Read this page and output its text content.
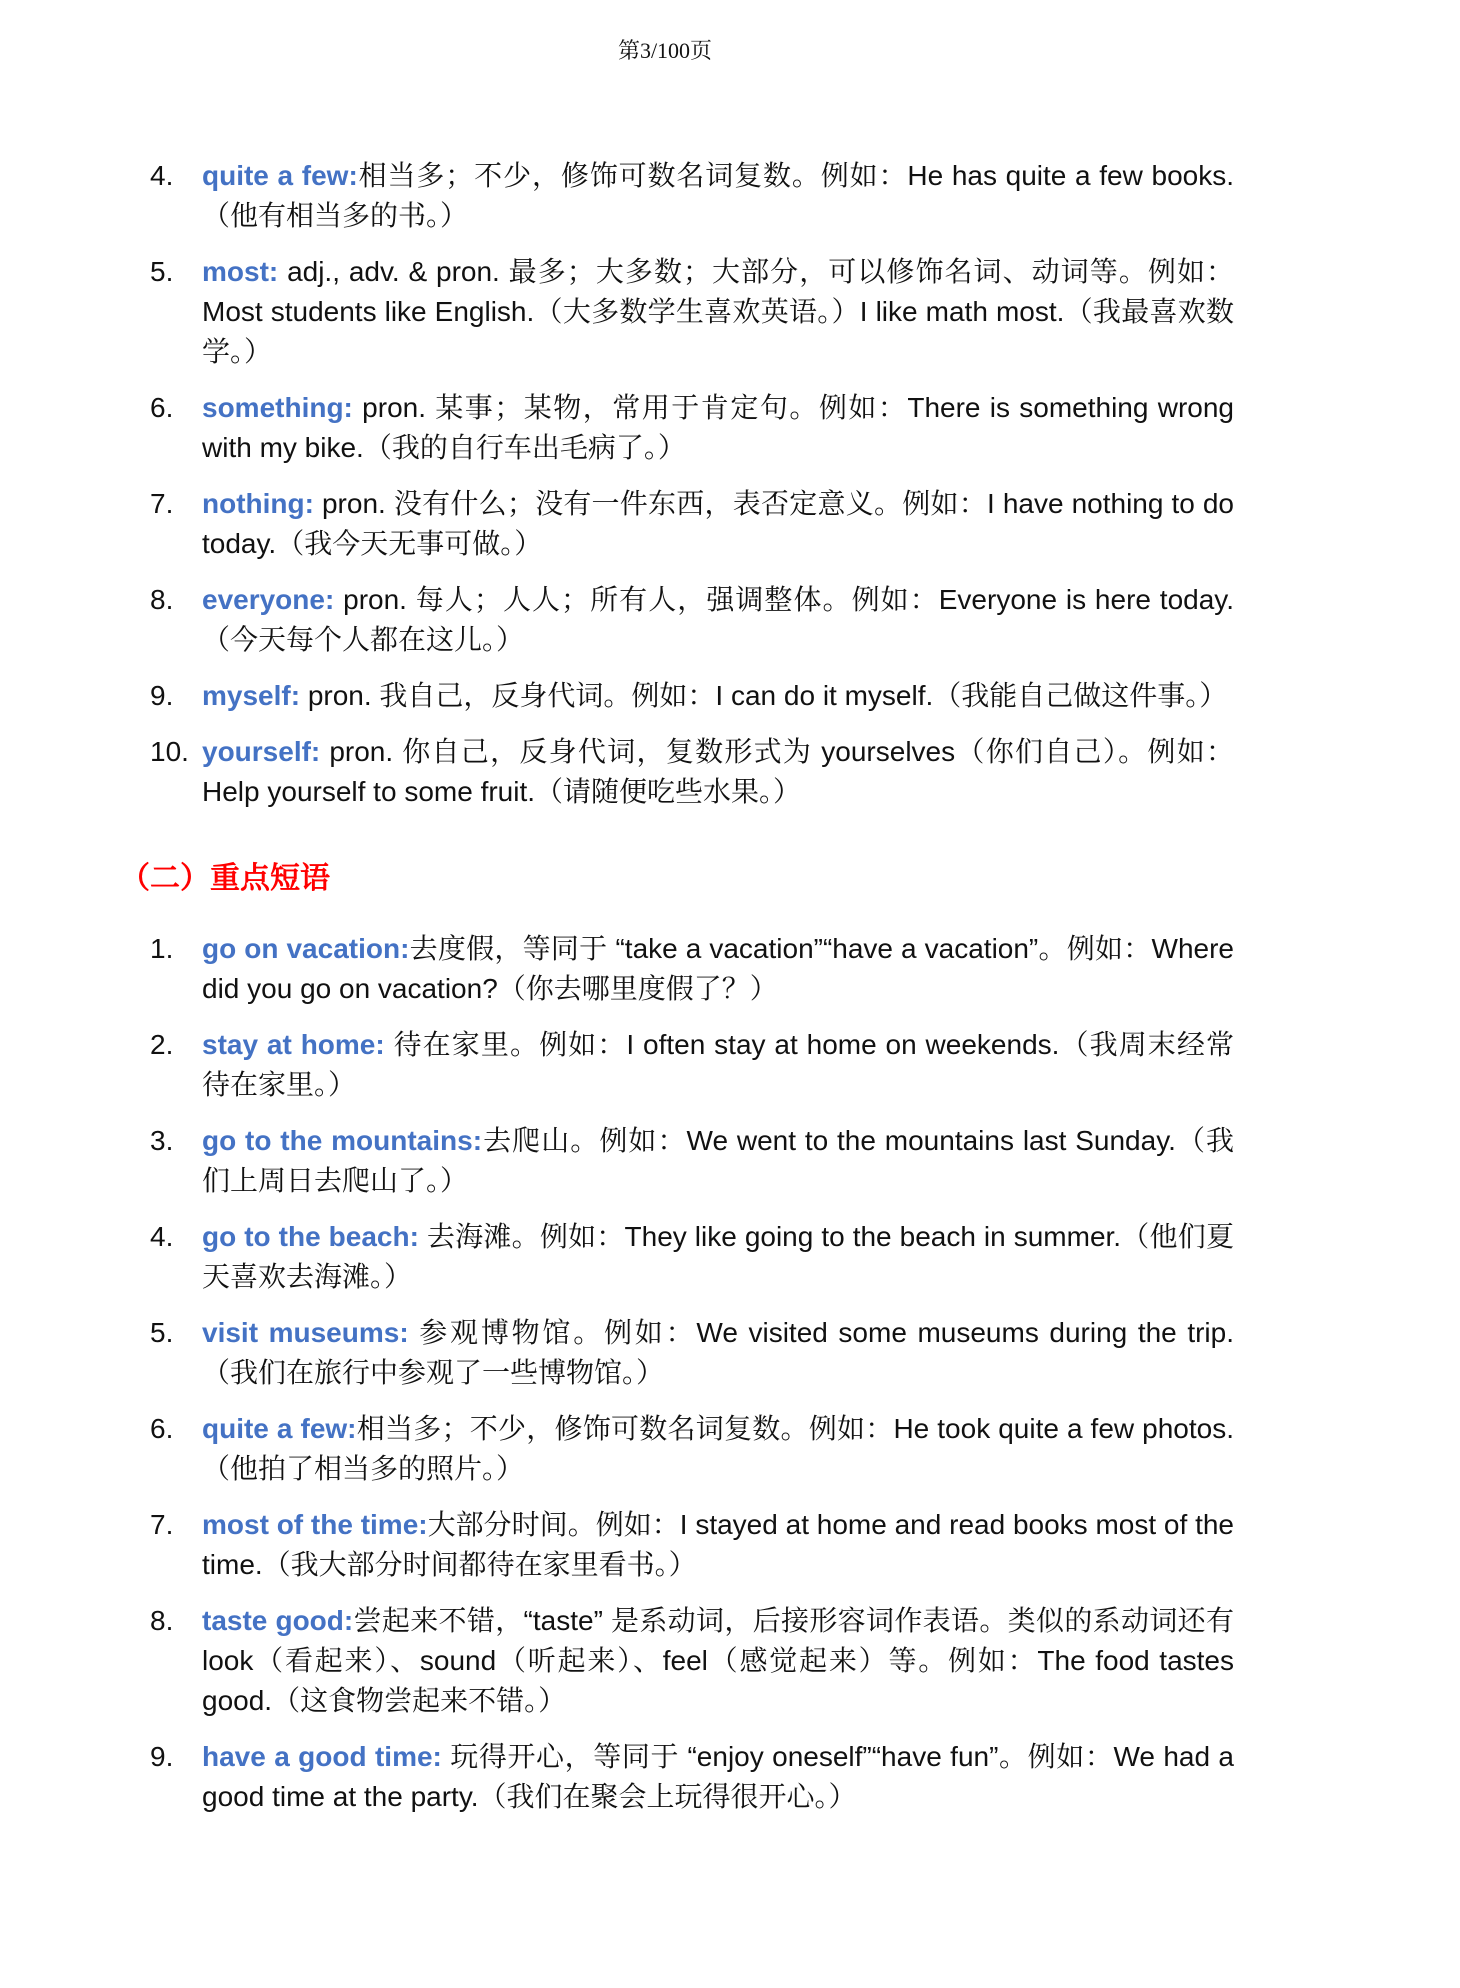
第3/100页
4.	quite a few:相当多；不少，修饰可数名词复数。例如：He has quite a few books.（他有相当多的书。）
5.	most: adj., adv. & pron. 最多；大多数；大部分，可以修饰名词、动词等。例如：Most students like English.（大多数学生喜欢英语。）I like math most.（我最喜欢数学。）
6.	something: pron. 某事；某物，常用于肯定句。例如：There is something wrong with my bike.（我的自行车出毛病了。）
7.	nothing: pron. 没有什么；没有一件东西，表否定意义。例如：I have nothing to do today.（我今天无事可做。）
8.	everyone: pron. 每人；人人；所有人，强调整体。例如：Everyone is here today.（今天每个人都在这儿。）
9.	myself: pron. 我自己，反身代词。例如：I can do it myself.（我能自己做这件事。）
10. yourself: pron. 你自己，反身代词，复数形式为 yourselves（你们自己）。例如：Help yourself to some fruit.（请随便吃些水果。）
（二）重点短语
1.	go on vacation:去度假，等同于 “take a vacation”“have a vacation”。例如：Where did you go on vacation?（你去哪里度假了？）
2.	stay at home: 待在家里。例如：I often stay at home on weekends.（我周末经常待在家里。）
3.	go to the mountains:去爬山。例如：We went to the mountains last Sunday.（我们上周日去爬山了。）
4.	go to the beach: 去海滩。例如：They like going to the beach in summer.（他们夏天喜欢去海滩。）
5.	visit museums: 参观博物馆。例如：We visited some museums during the trip.（我们在旅行中参观了一些博物馆。）
6.	quite a few:相当多；不少，修饰可数名词复数。例如：He took quite a few photos.（他拍了相当多的照片。）
7.	most of the time:大部分时间。例如：I stayed at home and read books most of the time.（我大部分时间都待在家里看书。）
8.	taste good:尝起来不错，“taste” 是系动词，后接形容词作表语。类似的系动词还有 look（看起来）、sound（听起来）、feel（感觉起来）等。例如：The food tastes good.（这食物尝起来不错。）
9.	have a good time: 玩得开心，等同于 “enjoy oneself”“have fun”。例如：We had a good time at the party.（我们在聚会上玩得很开心。）
